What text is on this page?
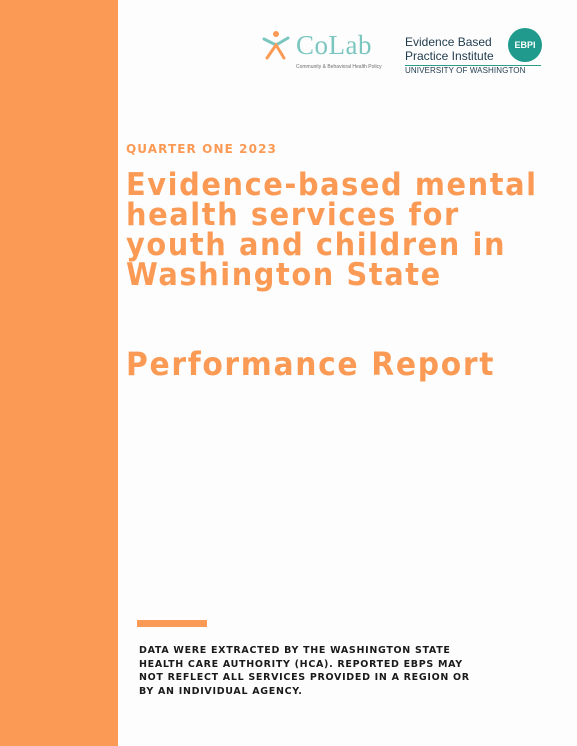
CoLab
Community & Behavioral Health Policy
Evidence Based
Practice Institute
EBPI
UNIVERSITY OF WASHINGTON
QUARTER ONE 2023
Evidence-based mental
health services for
youth and children in
Washington State
Performance Report

DATA WERE EXTRACTED BY THE WASHINGTON STATE
HEALTH CARE AUTHORITY (HCA). REPORTED EBPS MAY
NOT REFLECT ALL SERVICES PROVIDED IN A REGION OR
BY AN INDIVIDUAL AGENCY.
